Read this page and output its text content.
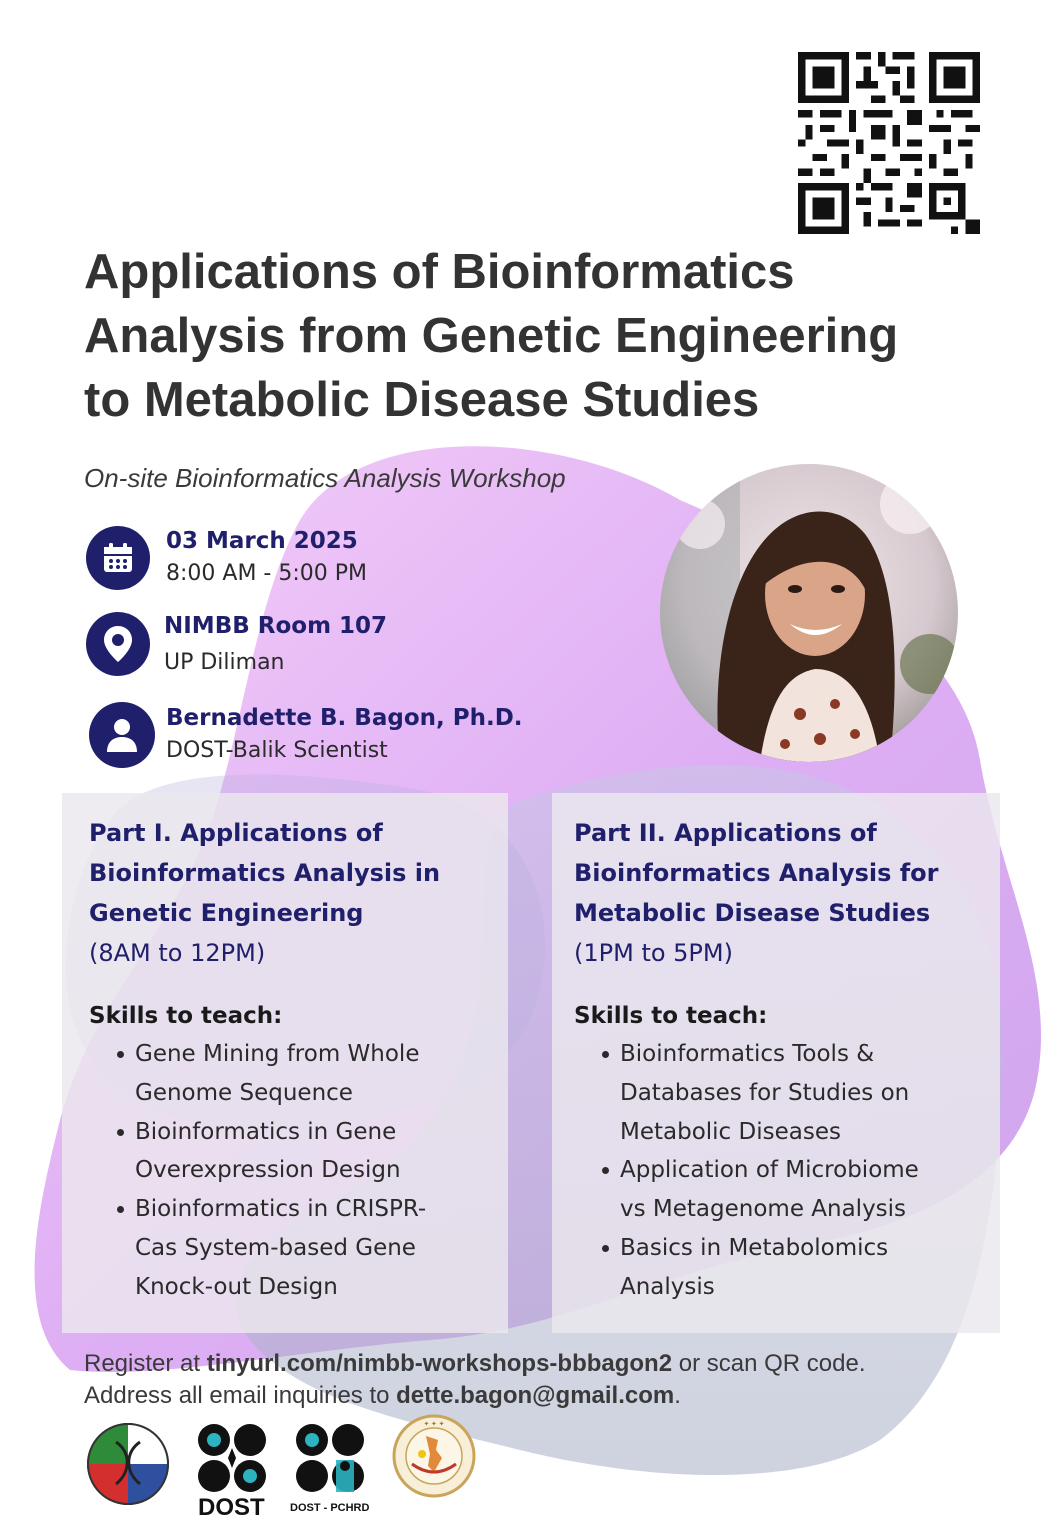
Applications of Bioinformatics
Analysis from Genetic Engineering
to Metabolic Disease Studies
On-site Bioinformatics Analysis Workshop
03 March 2025
8:00 AM - 5:00 PM
NIMBB Room 107
UP Diliman
Bernadette B. Bagon, Ph.D.
DOST-Balik Scientist
Part I. Applications of
Bioinformatics Analysis in
Genetic Engineering
(8AM to 12PM)
Skills to teach:
Gene Mining from Whole
Genome Sequence
Bioinformatics in Gene
Overexpression Design
Bioinformatics in CRISPR-
Cas System-based Gene
Knock-out Design
Part II. Applications of
Bioinformatics Analysis for
Metabolic Disease Studies
(1PM to 5PM)
Skills to teach:
Bioinformatics Tools &
Databases for Studies on
Metabolic Diseases
Application of Microbiome
vs Metagenome Analysis
Basics in Metabolomics
Analysis
Register at tinyurl.com/nimbb-workshops-bbbagon2 or scan QR code.
Address all email inquiries to dette.bagon@gmail.com.
DOST DOST - PCHRD
✦ ✦ ✦
